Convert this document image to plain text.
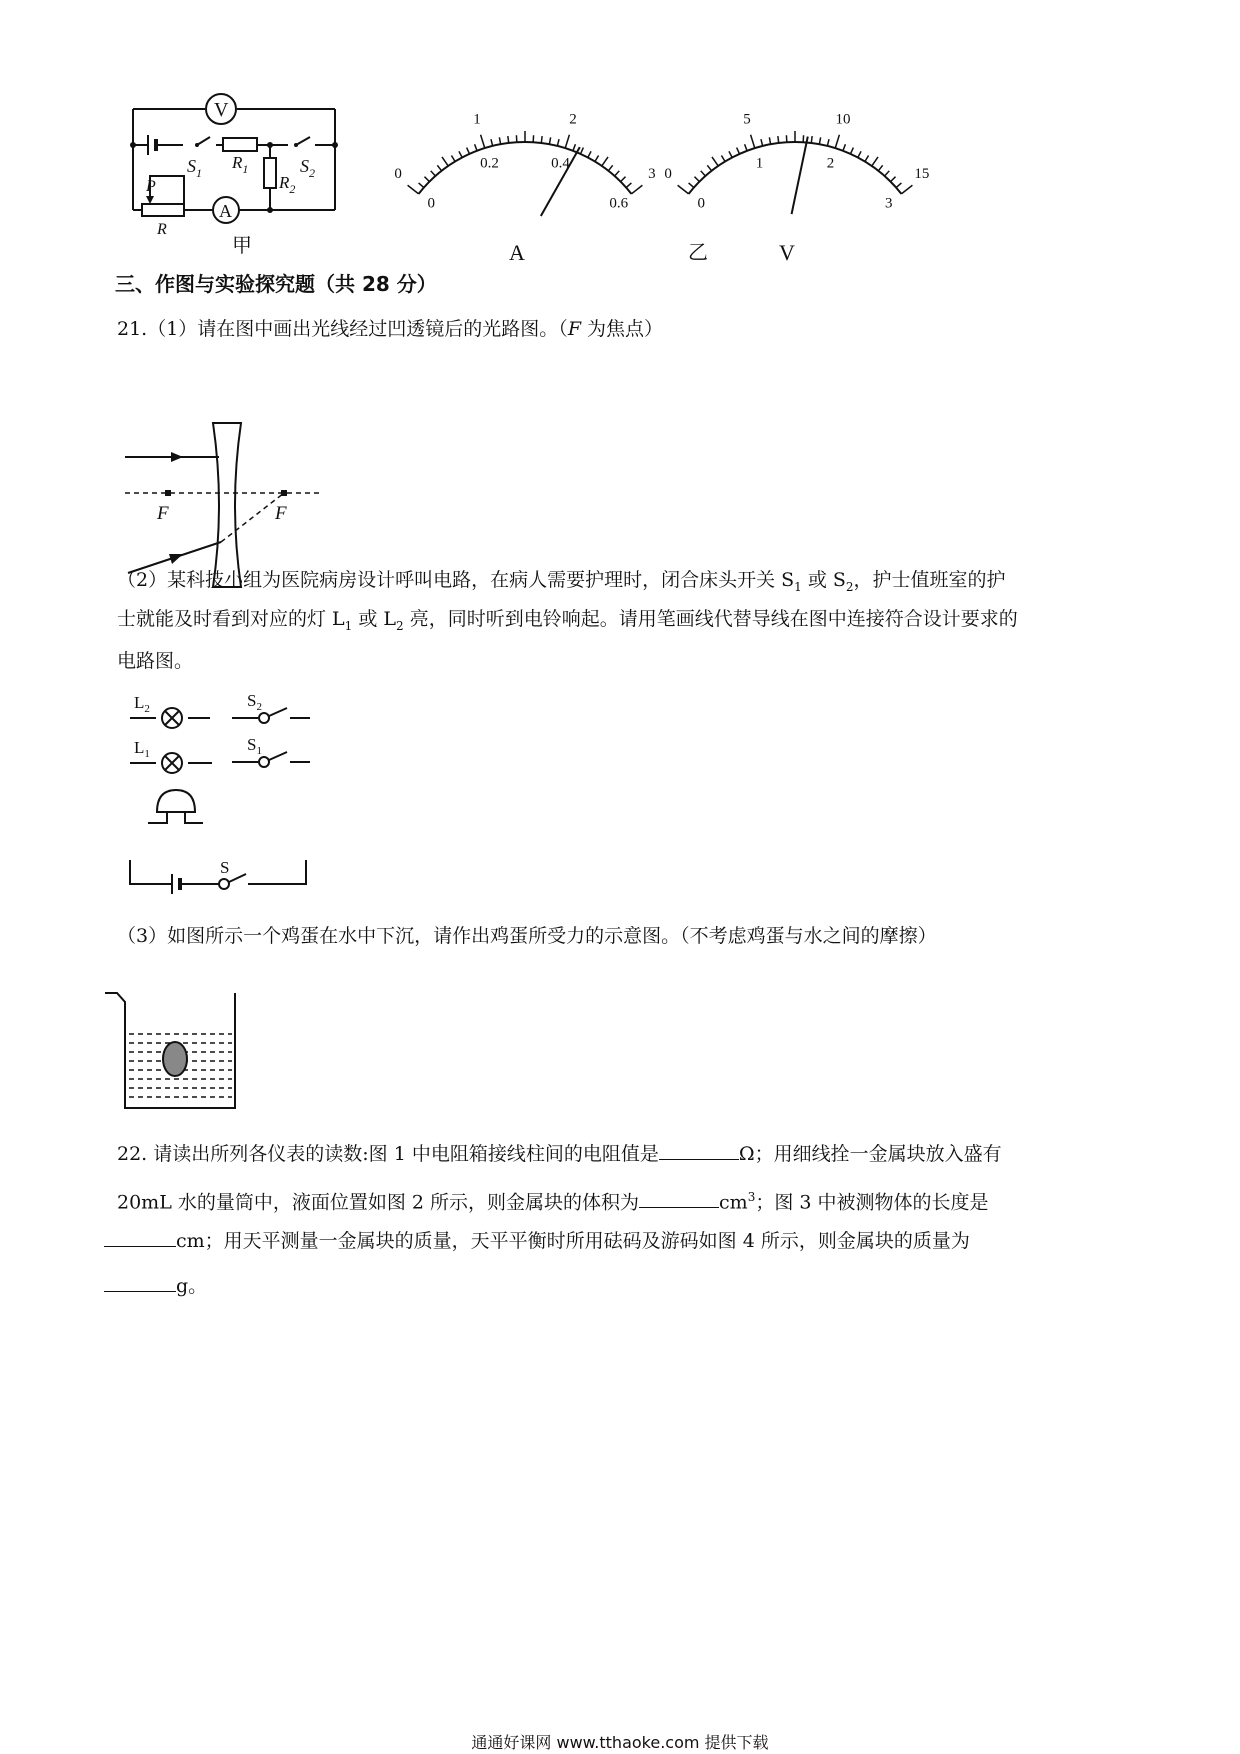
V
A
$S_1$
$R_1$	$S_2$
$R_2$
P
R
甲
0
1	2
3
0
0.2	0.4
0.6
A
0
5	10
15
0
1	2
3
V
乙
三、作图与实验探究题（共 28 分）
21.（1）请在图中画出光线经过凹透镜后的光路图。（F 为焦点）
F	F
（2）某科技小组为医院病房设计呼叫电路，在病人需要护理时，闭合床头开关 $S_1$ 或 $S_2$，护士值班室的护
士就能及时看到对应的灯 $L_1$ 或 $L_2$ 亮，同时听到电铃响起。请用笔画线代替导线在图中连接符合设计要求的
电路图。
$L_2$
$L_1$
$S_2$
$S_1$
S
（3）如图所示一个鸡蛋在水中下沉，请作出鸡蛋所受力的示意图。（不考虑鸡蛋与水之间的摩擦）
22. 请读出所列各仪表的读数:图 1 中电阻箱接线柱间的电阻值是	Ω；用细线拴一金属块放入盛有
20mL 水的量筒中，液面位置如图 2 所示，则金属块的体积为	$cm^3$；图 3 中被测物体的长度是
cm；用天平测量一金属块的质量，天平平衡时所用砝码及游码如图 4 所示，则金属块的质量为
g。
通通好课网 www.tthaoke.com 提供下载
